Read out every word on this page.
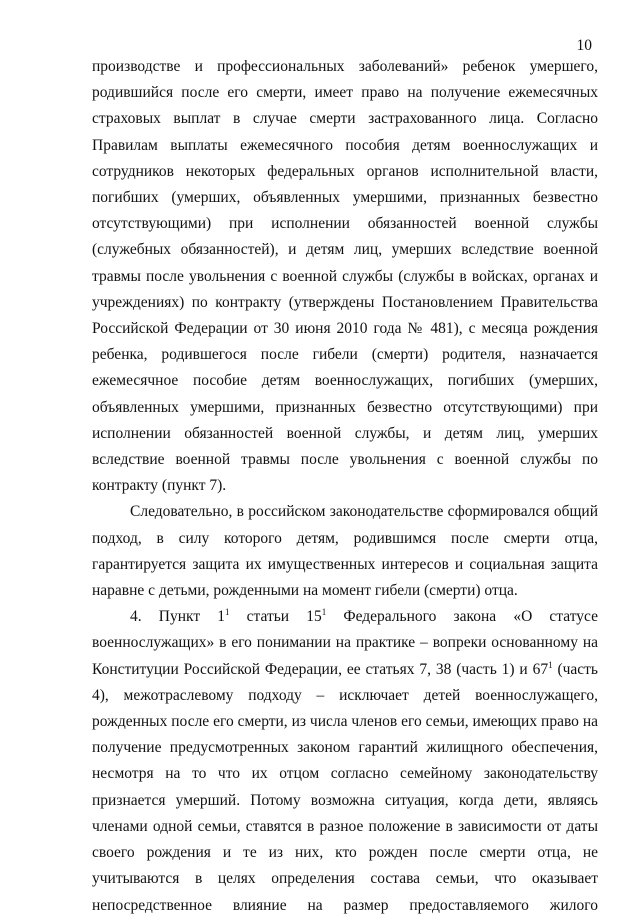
10

производстве и профессиональных заболеваний» ребенок умершего, родившийся после его смерти, имеет право на получение ежемесячных страховых выплат в случае смерти застрахованного лица. Согласно Правилам выплаты ежемесячного пособия детям военнослужащих и сотрудников некоторых федеральных органов исполнительной власти, погибших (умерших, объявленных умершими, признанных безвестно отсутствующими) при исполнении обязанностей военной службы (служебных обязанностей), и детям лиц, умерших вследствие военной травмы после увольнения с военной службы (службы в войсках, органах и учреждениях) по контракту (утверждены Постановлением Правительства Российской Федерации от 30 июня 2010 года № 481), с месяца рождения ребенка, родившегося после гибели (смерти) родителя, назначается ежемесячное пособие детям военнослужащих, погибших (умерших, объявленных умершими, признанных безвестно отсутствующими) при исполнении обязанностей военной службы, и детям лиц, умерших вследствие военной травмы после увольнения с военной службы по контракту (пункт 7).

Следовательно, в российском законодательстве сформировался общий подход, в силу которого детям, родившимся после смерти отца, гарантируется защита их имущественных интересов и социальная защита наравне с детьми, рожденными на момент гибели (смерти) отца.

4. Пункт $1^1$ статьи $15^1$ Федерального закона «О статусе военнослужащих» в его понимании на практике – вопреки основанному на Конституции Российской Федерации, ее статьях 7, 38 (часть 1) и $67^1$ (часть 4), межотраслевому подходу – исключает детей военнослужащего, рожденных после его смерти, из числа членов его семьи, имеющих право на получение предусмотренных законом гарантий жилищного обеспечения, несмотря на то что их отцом согласно семейному законодательству признается умерший. Потому возможна ситуация, когда дети, являясь членами одной семьи, ставятся в разное положение в зависимости от даты своего рождения и те из них, кто рожден после смерти отца, не учитываются в целях определения состава семьи, что оказывает непосредственное влияние на размер предоставляемого жилого
